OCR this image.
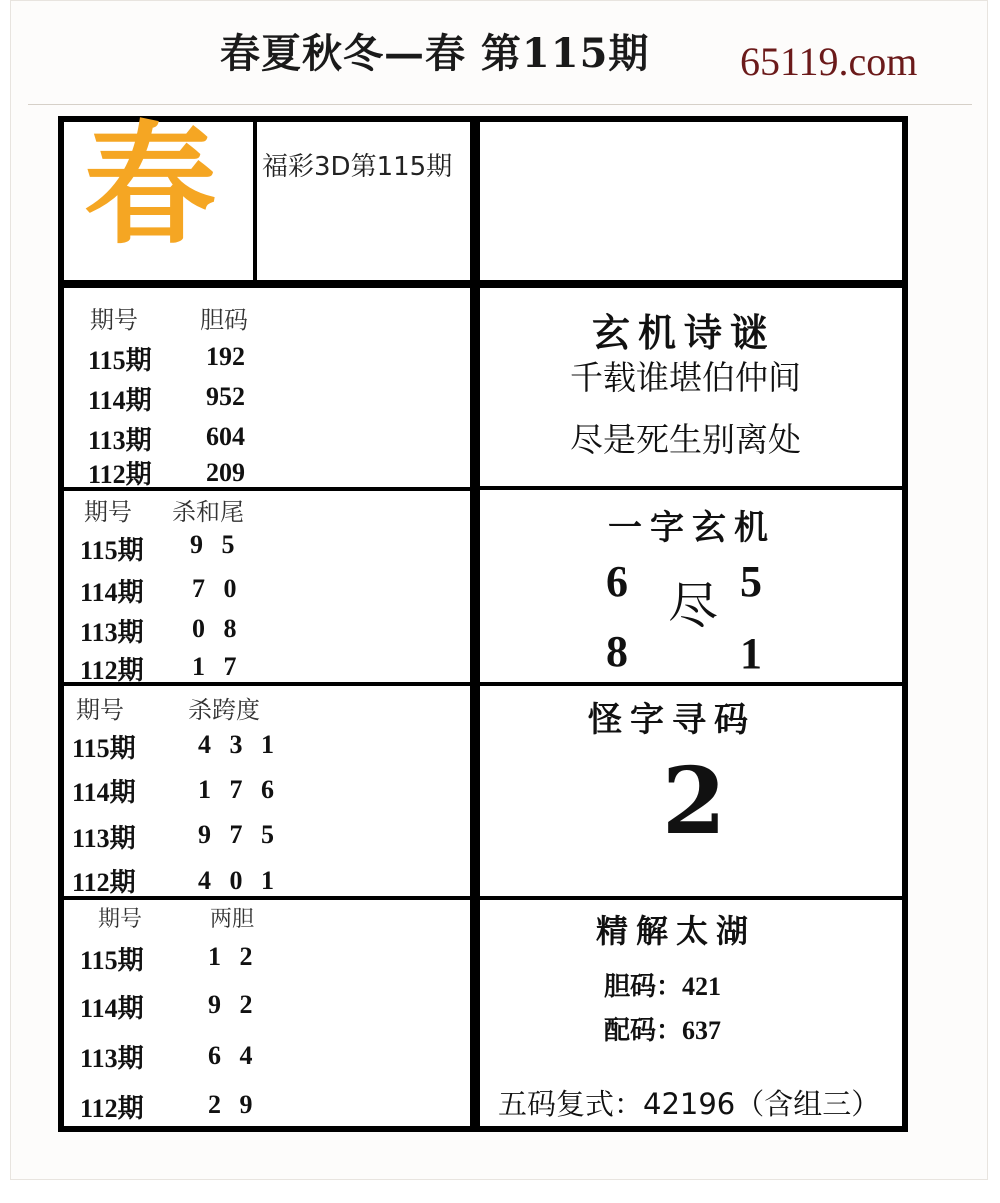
春夏秋冬—春 第115期 65119.com
春 福彩3D第115期
期号	胆码
115期 192
114期 952
113期 604
112期 209
期号 杀和尾
115期 9 5
114期 7 0
113期 0 8
112期 1 7
期号	杀跨度
115期 4 3 1
114期 1 7 6
113期 9 7 5
112期 4 0 1
期号	两胆
115期 1 2
114期 9 2
113期 6 4
112期 2 9
玄机诗谜
千载谁堪伯仲间
尽是死生别离处
一字玄机
6	5
尽
8	1
怪字寻码
2
精解太湖
胆码：421
配码：637
五码复式：42196（含组三）
